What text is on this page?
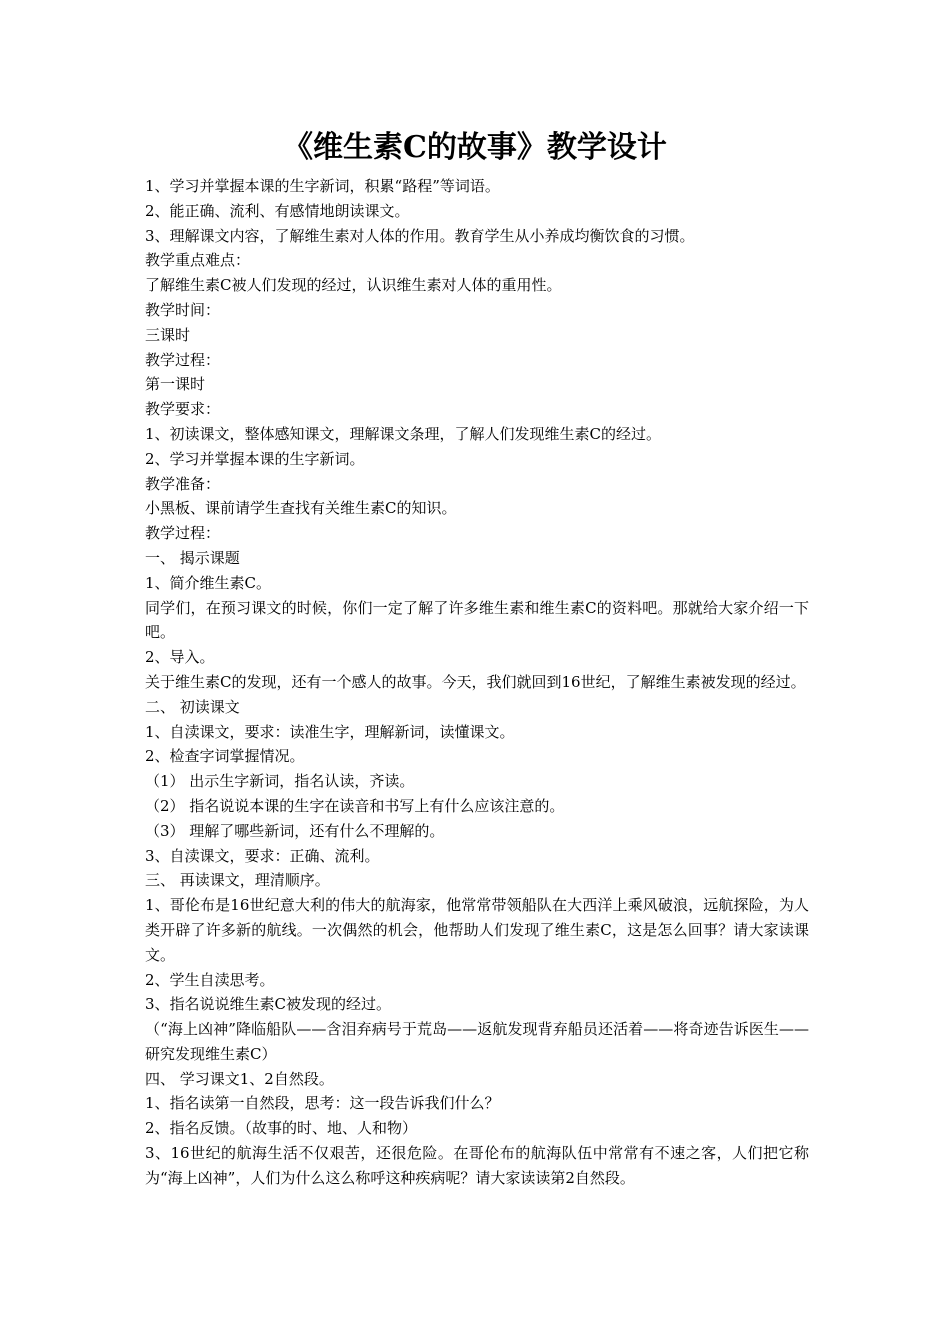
《维生素C的故事》教学设计
1、学习并掌握本课的生字新词，积累“路程”等词语。
2、能正确、流利、有感情地朗读课文。
3、理解课文内容，了解维生素对人体的作用。教育学生从小养成均衡饮食的习惯。
教学重点难点：
了解维生素C被人们发现的经过，认识维生素对人体的重用性。
教学时间：
三课时
教学过程：
第一课时
教学要求：
1、初读课文，整体感知课文，理解课文条理，了解人们发现维生素C的经过。
2、学习并掌握本课的生字新词。
教学准备：
小黑板、课前请学生查找有关维生素C的知识。
教学过程：
一、 揭示课题
1、简介维生素C。
同学们，在预习课文的时候，你们一定了解了许多维生素和维生素C的资料吧。那就给大家介绍一下吧。
2、导入。
关于维生素C的发现，还有一个感人的故事。今天，我们就回到16世纪，了解维生素被发现的经过。
二、 初读课文
1、自渎课文，要求：读准生字，理解新词，读懂课文。
2、检查字词掌握情况。
（1） 出示生字新词，指名认读，齐读。
（2） 指名说说本课的生字在读音和书写上有什么应该注意的。
（3） 理解了哪些新词，还有什么不理解的。
3、自渎课文，要求：正确、流利。
三、 再读课文，理清顺序。
1、哥伦布是16世纪意大利的伟大的航海家，他常常带领船队在大西洋上乘风破浪，远航探险，为人类开辟了许多新的航线。一次偶然的机会，他帮助人们发现了维生素C，这是怎么回事？请大家读课文。
2、学生自渎思考。
3、指名说说维生素C被发现的经过。
（“海上凶神”降临船队——含泪弃病号于荒岛——返航发现背弃船员还活着——将奇迹告诉医生——研究发现维生素C）
四、 学习课文1、2自然段。
1、指名读第一自然段，思考：这一段告诉我们什么？
2、指名反馈。（故事的时、地、人和物）
3、16世纪的航海生活不仅艰苦，还很危险。在哥伦布的航海队伍中常常有不速之客，人们把它称为“海上凶神”，人们为什么这么称呼这种疾病呢？请大家读读第2自然段。
